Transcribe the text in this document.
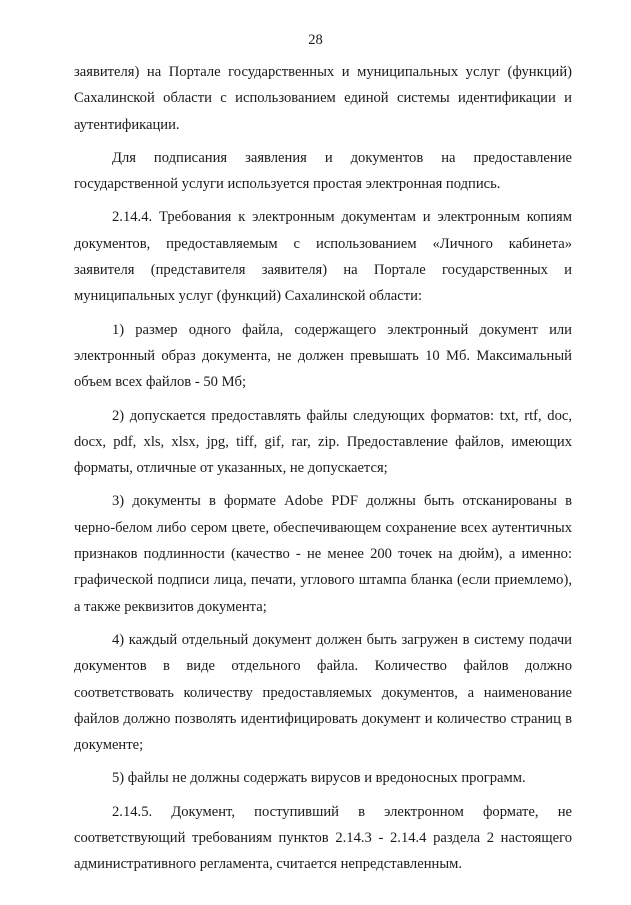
28

заявителя) на Портале государственных и муниципальных услуг (функций) Сахалинской области с использованием единой системы идентификации и аутентификации.

Для подписания заявления и документов на предоставление государственной услуги используется простая электронная подпись.

2.14.4. Требования к электронным документам и электронным копиям документов, предоставляемым с использованием «Личного кабинета» заявителя (представителя заявителя) на Портале государственных и муниципальных услуг (функций) Сахалинской области:

1) размер одного файла, содержащего электронный документ или электронный образ документа, не должен превышать 10 Мб. Максимальный объем всех файлов - 50 Мб;

2) допускается предоставлять файлы следующих форматов: txt, rtf, doc, docx, pdf, xls, xlsx, jpg, tiff, gif, rar, zip. Предоставление файлов, имеющих форматы, отличные от указанных, не допускается;

3) документы в формате Adobe PDF должны быть отсканированы в черно-белом либо сером цвете, обеспечивающем сохранение всех аутентичных признаков подлинности (качество - не менее 200 точек на дюйм), а именно: графической подписи лица, печати, углового штампа бланка (если приемлемо), а также реквизитов документа;

4) каждый отдельный документ должен быть загружен в систему подачи документов в виде отдельного файла. Количество файлов должно соответствовать количеству предоставляемых документов, а наименование файлов должно позволять идентифицировать документ и количество страниц в документе;

5) файлы не должны содержать вирусов и вредоносных программ.

2.14.5. Документ, поступивший в электронном формате, не соответствующий требованиям пунктов 2.14.3 - 2.14.4 раздела 2 настоящего административного регламента, считается непредставленным.
